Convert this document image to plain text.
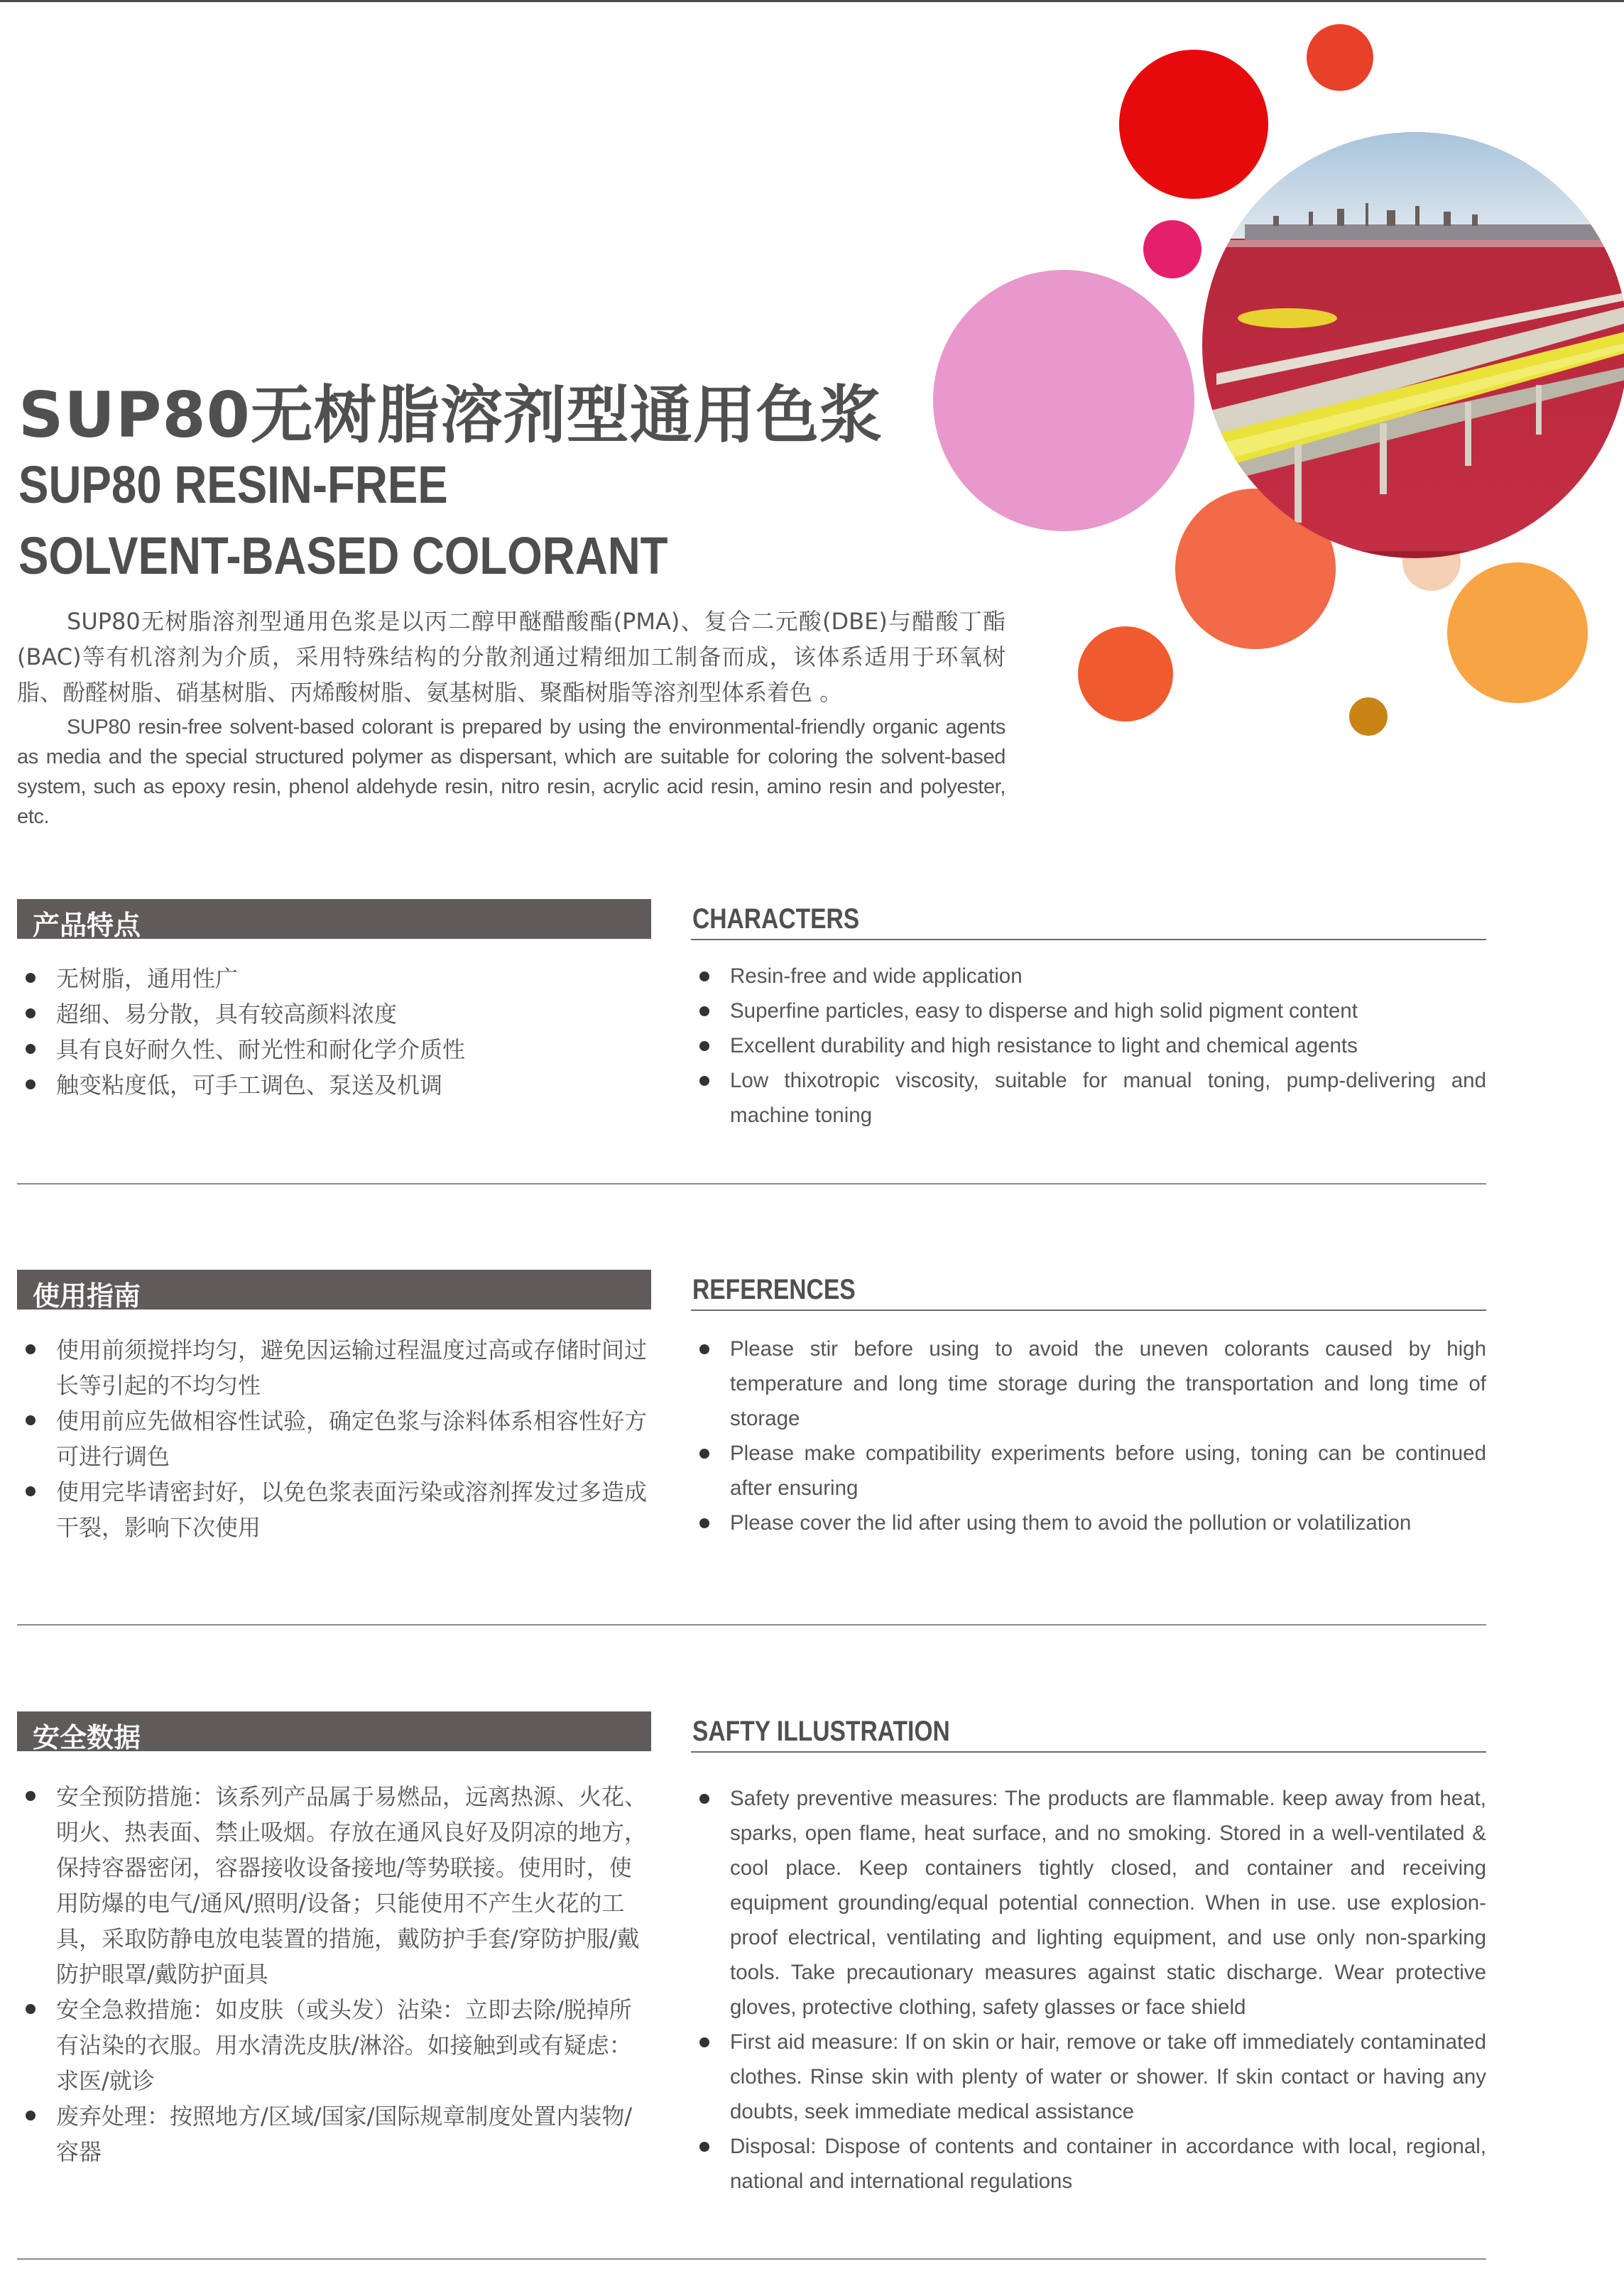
SUP80无树脂溶剂型通用色浆
SUP80 RESIN-FREE
SOLVENT-BASED COLORANT

SUP80无树脂溶剂型通用色浆是以丙二醇甲醚醋酸酯(PMA)、复合二元酸(DBE)与醋酸丁酯(BAC)等有机溶剂为介质，采用特殊结构的分散剂通过精细加工制备而成，该体系适用于环氧树脂、酚醛树脂、硝基树脂、丙烯酸树脂、氨基树脂、聚酯树脂等溶剂型体系着色 。

SUP80 resin-free solvent-based colorant is prepared by using the environmental-friendly organic agents as media and the special structured polymer as dispersant, which are suitable for coloring the solvent-based system, such as epoxy resin, phenol aldehyde resin, nitro resin, acrylic acid resin, amino resin and polyester, etc.

产品特点	CHARACTERS
无树脂，通用性广
超细、易分散，具有较高颜料浓度
具有良好耐久性、耐光性和耐化学介质性
触变粘度低，可手工调色、泵送及机调
Resin-free and wide application
Superfine particles, easy to disperse and high solid pigment content
Excellent durability and high resistance to light and chemical agents
Low thixotropic viscosity, suitable for manual toning, pump-delivering and machine toning
使用指南	REFERENCES
使用前须搅拌均匀，避免因运输过程温度过高或存储时间过长等引起的不均匀性
使用前应先做相容性试验，确定色浆与涂料体系相容性好方可进行调色
使用完毕请密封好，以免色浆表面污染或溶剂挥发过多造成干裂，影响下次使用
Please stir before using to avoid the uneven colorants caused by high temperature and long time storage during the transportation and long time of storage
Please make compatibility experiments before using, toning can be continued after ensuring
Please cover the lid after using them to avoid the pollution or volatilization
安全数据	SAFTY ILLUSTRATION
安全预防措施：该系列产品属于易燃品，远离热源、火花、明火、热表面、禁止吸烟。存放在通风良好及阴凉的地方，保持容器密闭，容器接收设备接地/等势联接。使用时，使用防爆的电气/通风/照明/设备；只能使用不产生火花的工具，采取防静电放电装置的措施，戴防护手套/穿防护服/戴防护眼罩/戴防护面具
安全急救措施：如皮肤（或头发）沾染：立即去除/脱掉所有沾染的衣服。用水清洗皮肤/淋浴。如接触到或有疑虑：求医/就诊
废弃处理：按照地方/区域/国家/国际规章制度处置内装物/容器
Safety preventive measures: The products are flammable. keep away from heat, sparks, open flame, heat surface, and no smoking. Stored in a well-ventilated & cool place. Keep containers tightly closed, and container and receiving equipment grounding/equal potential connection. When in use. use explosion-proof electrical, ventilating and lighting equipment, and use only non-sparking tools. Take precautionary measures against static discharge. Wear protective gloves, protective clothing, safety glasses or face shield
First aid measure: If on skin or hair, remove or take off immediately contaminated clothes. Rinse skin with plenty of water or shower. If skin contact or having any doubts, seek immediate medical assistance
Disposal: Dispose of contents and container in accordance with local, regional, national and international regulations
